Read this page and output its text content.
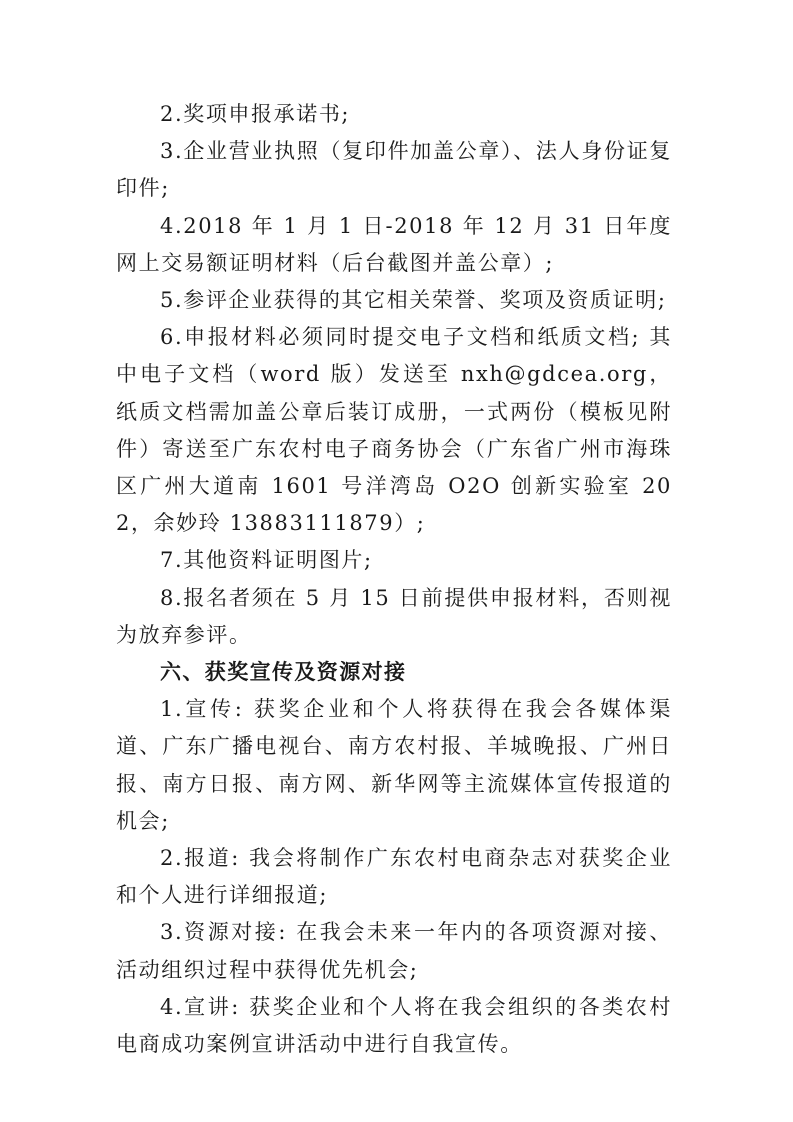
2.奖项申报承诺书;

3.企业营业执照（复印件加盖公章）、法人身份证复印件;

4.2018 年 1 月 1 日-2018 年 12 月 31 日年度网上交易额证明材料（后台截图并盖公章）;

5.参评企业获得的其它相关荣誉、奖项及资质证明;

6.申报材料必须同时提交电子文档和纸质文档; 其中电子文档（word 版）发送至 nxh@gdcea.org，纸质文档需加盖公章后装订成册，一式两份（模板见附件）寄送至广东农村电子商务协会（广东省广州市海珠区广州大道南 1601 号洋湾岛 O2O 创新实验室 202，余妙玲 13883111879）;

7.其他资料证明图片;

8.报名者须在 5 月 15 日前提供申报材料，否则视为放弃参评。

六、获奖宣传及资源对接

1.宣传: 获奖企业和个人将获得在我会各媒体渠道、广东广播电视台、南方农村报、羊城晚报、广州日报、南方日报、南方网、新华网等主流媒体宣传报道的机会;

2.报道: 我会将制作广东农村电商杂志对获奖企业和个人进行详细报道;

3.资源对接: 在我会未来一年内的各项资源对接、活动组织过程中获得优先机会;

4.宣讲: 获奖企业和个人将在我会组织的各类农村电商成功案例宣讲活动中进行自我宣传。
